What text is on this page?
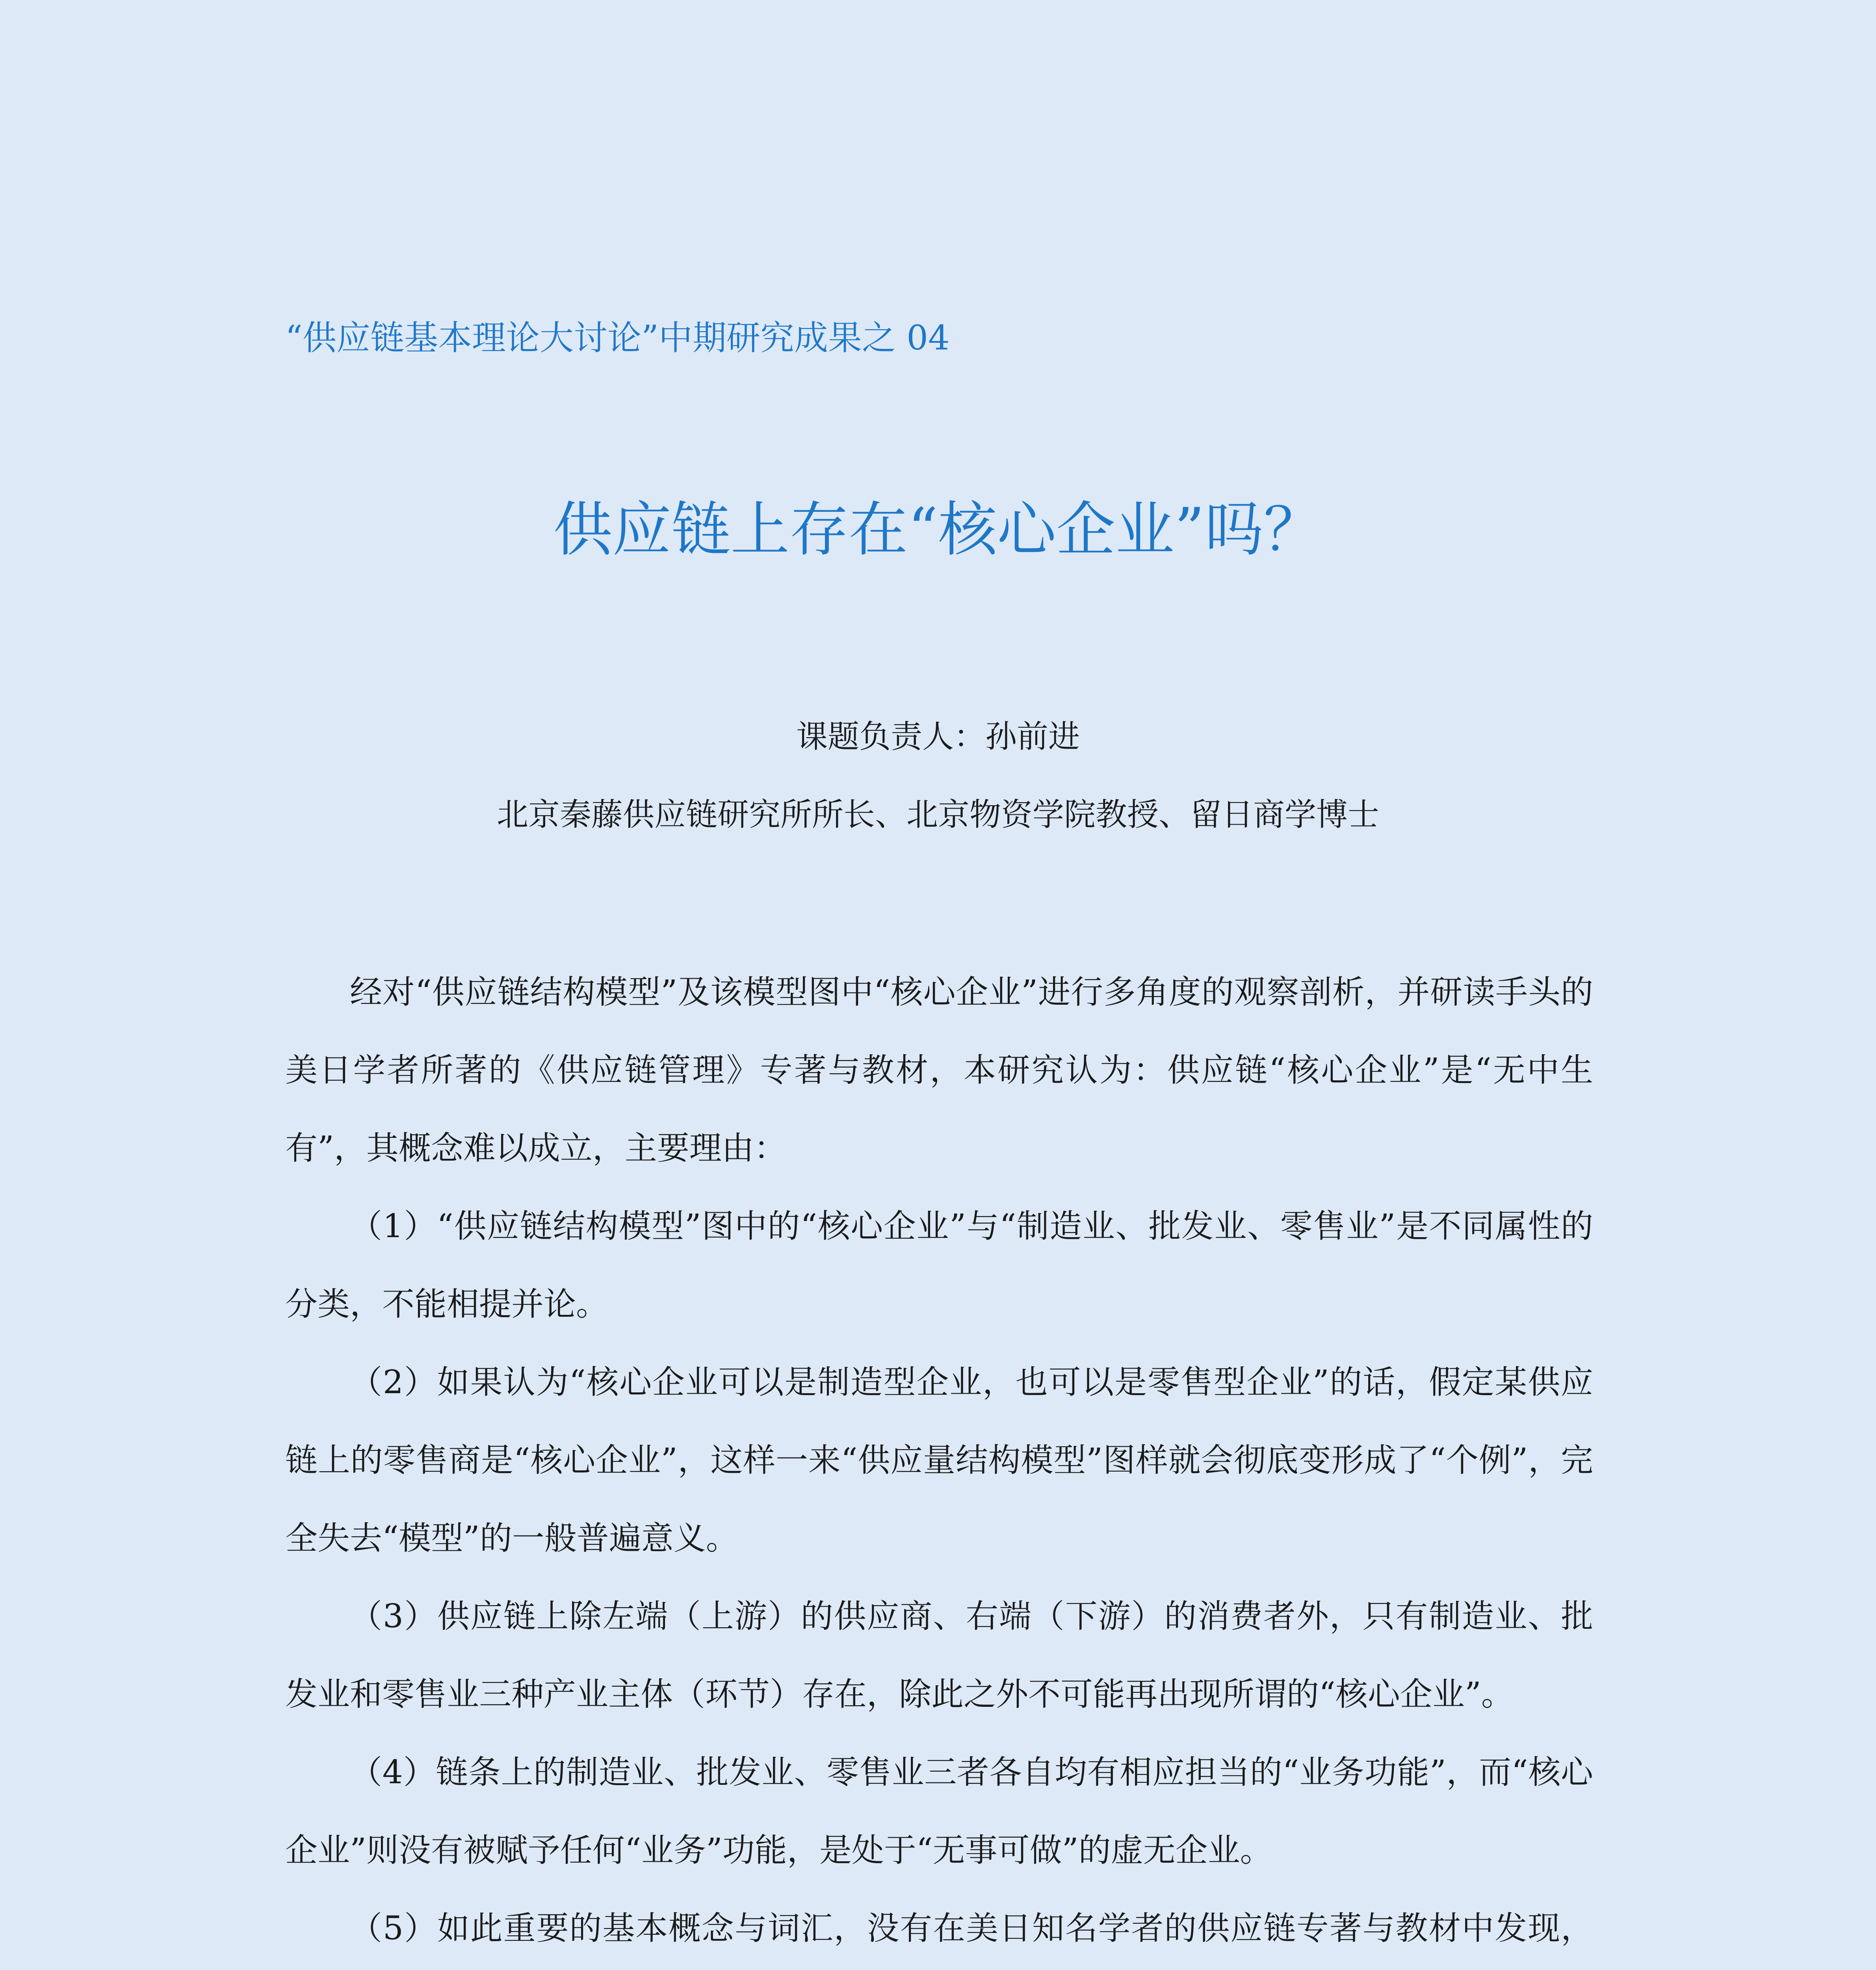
“供应链基本理论大讨论”中期研究成果之 04
供应链上存在“核心企业”吗？
课题负责人：孙前进
北京秦藤供应链研究所所长、北京物资学院教授、留日商学博士

经对“供应链结构模型”及该模型图中“核心企业”进行多角度的观察剖析，并研读手头的美日学者所著的《供应链管理》专著与教材，本研究认为：供应链“核心企业”是“无中生有”，其概念难以成立，主要理由：

（1）“供应链结构模型”图中的“核心企业”与“制造业、批发业、零售业”是不同属性的分类，不能相提并论。

（2）如果认为“核心企业可以是制造型企业，也可以是零售型企业”的话，假定某供应链上的零售商是“核心企业”，这样一来“供应量结构模型”图样就会彻底变形成了“个例”，完全失去“模型”的一般普遍意义。

（3）供应链上除左端（上游）的供应商、右端（下游）的消费者外，只有制造业、批发业和零售业三种产业主体（环节）存在，除此之外不可能再出现所谓的“核心企业”。

（4）链条上的制造业、批发业、零售业三者各自均有相应担当的“业务功能”，而“核心企业”则没有被赋予任何“业务”功能，是处于“无事可做”的虚无企业。

（5）如此重要的基本概念与词汇，没有在美日知名学者的供应链专著与教材中发现，
